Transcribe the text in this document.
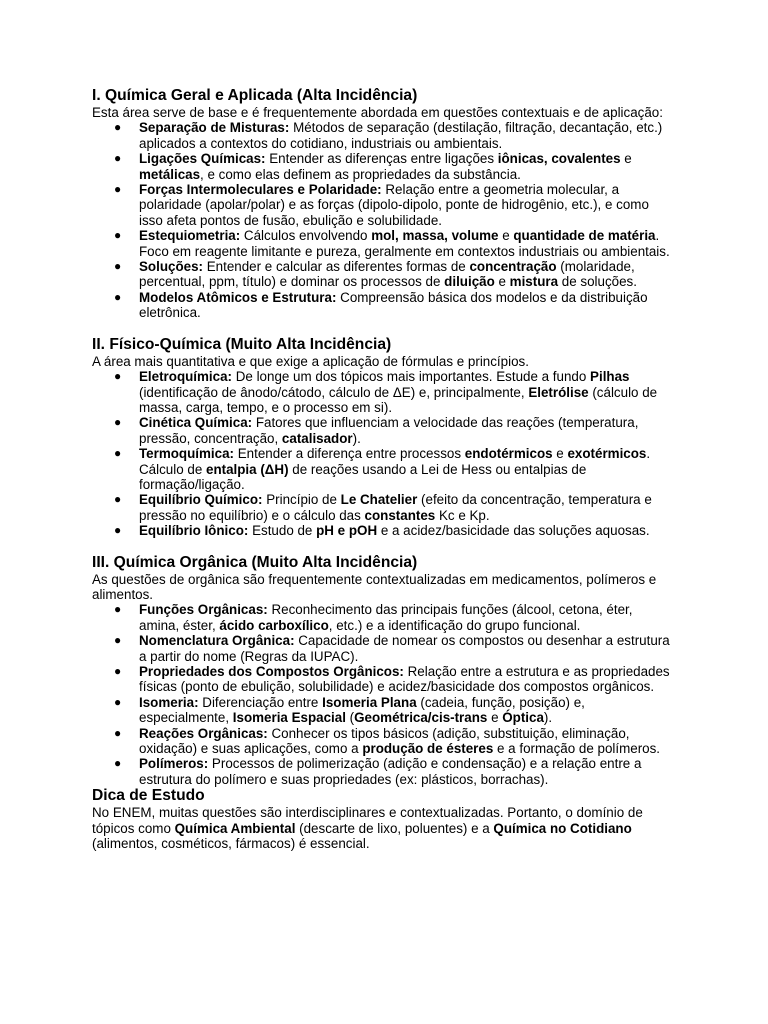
I. Química Geral e Aplicada (Alta Incidência)

Esta área serve de base e é frequentemente abordada em questões contextuais e de aplicação:

● Separação de Misturas: Métodos de separação (destilação, filtração, decantação, etc.) aplicados a contextos do cotidiano, industriais ou ambientais.
● Ligações Químicas: Entender as diferenças entre ligações iônicas, covalentes e metálicas, e como elas definem as propriedades da substância.
● Forças Intermoleculares e Polaridade: Relação entre a geometria molecular, a polaridade (apolar/polar) e as forças (dipolo-dipolo, ponte de hidrogênio, etc.), e como isso afeta pontos de fusão, ebulição e solubilidade.
● Estequiometria: Cálculos envolvendo mol, massa, volume e quantidade de matéria. Foco em reagente limitante e pureza, geralmente em contextos industriais ou ambientais.
● Soluções: Entender e calcular as diferentes formas de concentração (molaridade, percentual, ppm, título) e dominar os processos de diluição e mistura de soluções.
● Modelos Atômicos e Estrutura: Compreensão básica dos modelos e da distribuição eletrônica.
II. Físico-Química (Muito Alta Incidência)

A área mais quantitativa e que exige a aplicação de fórmulas e princípios.

● Eletroquímica: De longe um dos tópicos mais importantes. Estude a fundo Pilhas (identificação de ânodo/cátodo, cálculo de ΔE) e, principalmente, Eletrólise (cálculo de massa, carga, tempo, e o processo em si).
● Cinética Química: Fatores que influenciam a velocidade das reações (temperatura, pressão, concentração, catalisador).
● Termoquímica: Entender a diferença entre processos endotérmicos e exotérmicos. Cálculo de entalpia (ΔH) de reações usando a Lei de Hess ou entalpias de formação/ligação.
● Equilíbrio Químico: Princípio de Le Chatelier (efeito da concentração, temperatura e pressão no equilíbrio) e o cálculo das constantes Kc e Kp.
● Equilíbrio Iônico: Estudo de pH e pOH e a acidez/basicidade das soluções aquosas.
III. Química Orgânica (Muito Alta Incidência)

As questões de orgânica são frequentemente contextualizadas em medicamentos, polímeros e alimentos.

● Funções Orgânicas: Reconhecimento das principais funções (álcool, cetona, éter, amina, éster, ácido carboxílico, etc.) e a identificação do grupo funcional.
● Nomenclatura Orgânica: Capacidade de nomear os compostos ou desenhar a estrutura a partir do nome (Regras da IUPAC).
● Propriedades dos Compostos Orgânicos: Relação entre a estrutura e as propriedades físicas (ponto de ebulição, solubilidade) e acidez/basicidade dos compostos orgânicos.
● Isomeria: Diferenciação entre Isomeria Plana (cadeia, função, posição) e, especialmente, Isomeria Espacial (Geométrica/cis-trans e Óptica).
● Reações Orgânicas: Conhecer os tipos básicos (adição, substituição, eliminação, oxidação) e suas aplicações, como a produção de ésteres e a formação de polímeros.
● Polímeros: Processos de polimerização (adição e condensação) e a relação entre a estrutura do polímero e suas propriedades (ex: plásticos, borrachas).
Dica de Estudo

No ENEM, muitas questões são interdisciplinares e contextualizadas. Portanto, o domínio de tópicos como Química Ambiental (descarte de lixo, poluentes) e a Química no Cotidiano (alimentos, cosméticos, fármacos) é essencial.
